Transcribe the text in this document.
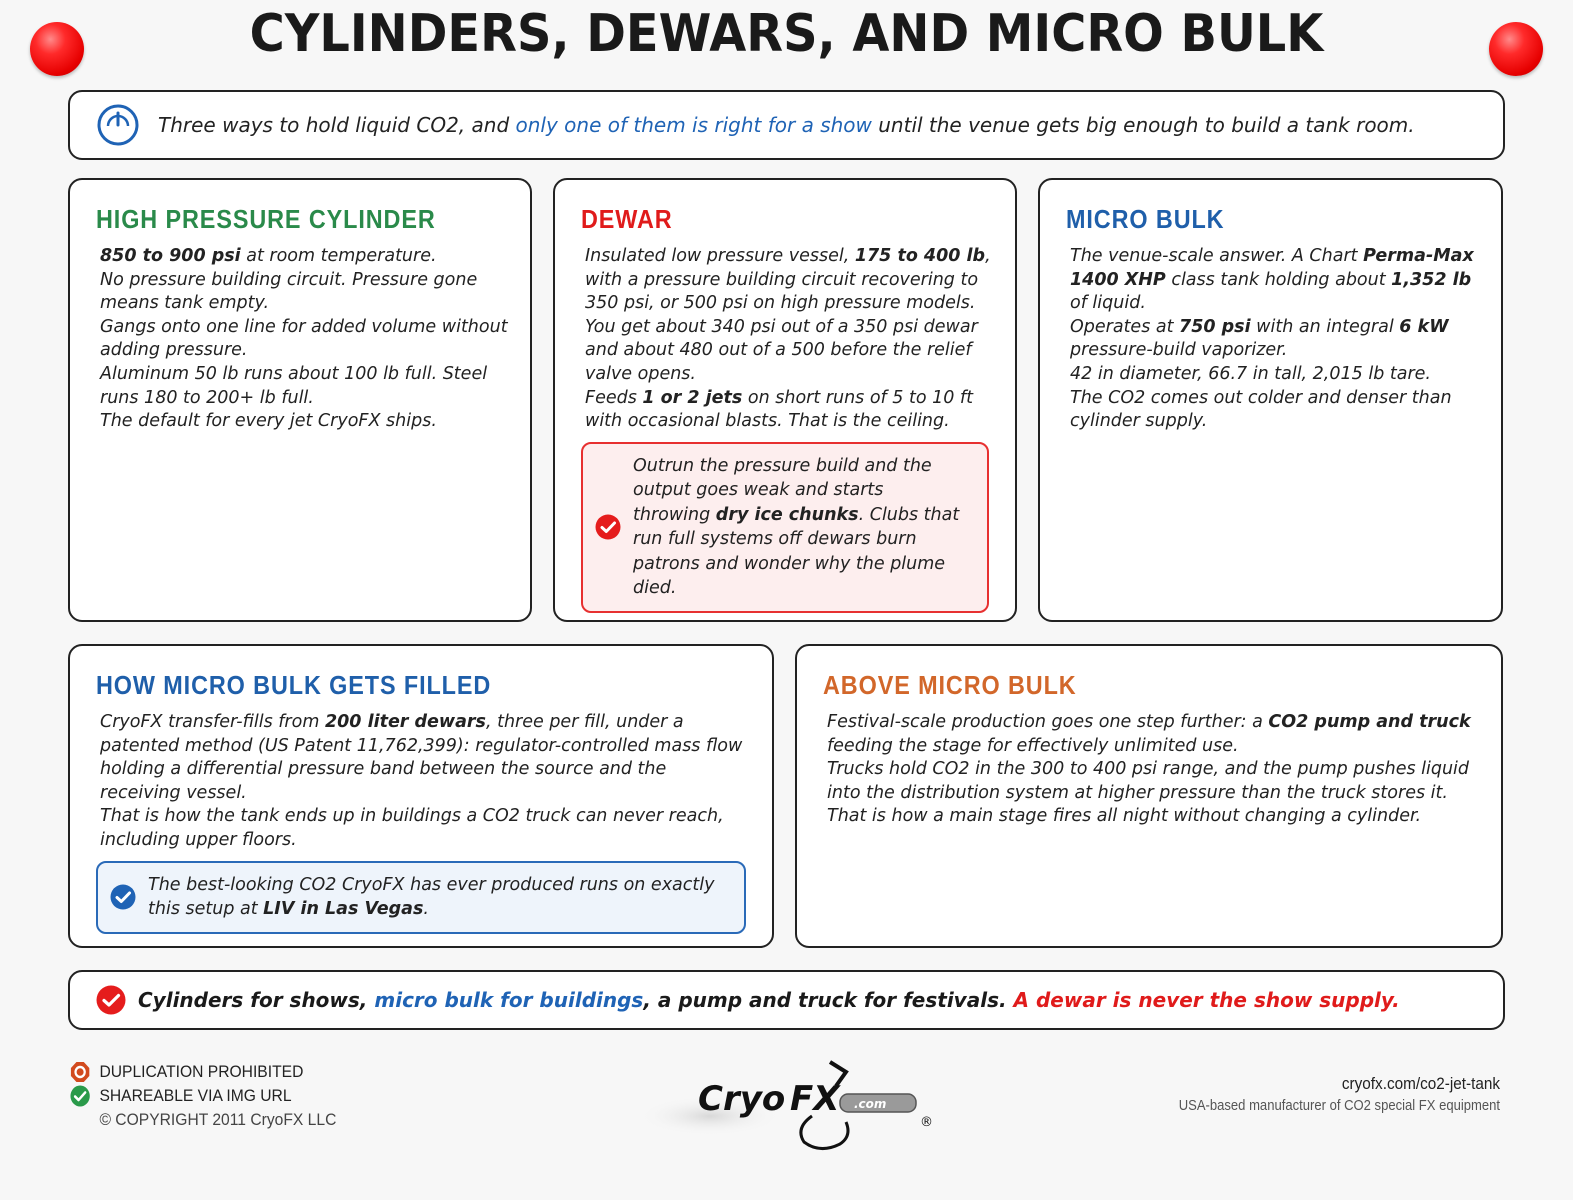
CYLINDERS, DEWARS, AND MICRO BULK

Three ways to hold liquid CO2, and only one of them is right for a show until the venue gets big enough to build a tank room.

HIGH PRESSURE CYLINDER

850 to 900 psi at room temperature.

No pressure building circuit. Pressure gone means tank empty.

Gangs onto one line for added volume without adding pressure.

Aluminum 50 lb runs about 100 lb full. Steel runs 180 to 200+ lb full.

The default for every jet CryoFX ships.

DEWAR

Insulated low pressure vessel, 175 to 400 lb, with a pressure building circuit recovering to 350 psi, or 500 psi on high pressure models.

You get about 340 psi out of a 350 psi dewar and about 480 out of a 500 before the relief valve opens.

Feeds 1 or 2 jets on short runs of 5 to 10 ft with occasional blasts. That is the ceiling.

Outrun the pressure build and the output goes weak and starts throwing dry ice chunks. Clubs that run full systems off dewars burn patrons and wonder why the plume died.
MICRO BULK

The venue-scale answer. A Chart Perma-Max 1400 XHP class tank holding about 1,352 lb of liquid.

Operates at 750 psi with an integral 6 kW pressure-build vaporizer.

42 in diameter, 66.7 in tall, 2,015 lb tare.

The CO2 comes out colder and denser than cylinder supply.

HOW MICRO BULK GETS FILLED

CryoFX transfer-fills from 200 liter dewars, three per fill, under a patented method (US Patent 11,762,399): regulator-controlled mass flow holding a differential pressure band between the source and the receiving vessel.

That is how the tank ends up in buildings a CO2 truck can never reach, including upper floors.

The best-looking CO2 CryoFX has ever produced runs on exactly this setup at LIV in Las Vegas.
ABOVE MICRO BULK

Festival-scale production goes one step further: a CO2 pump and truck feeding the stage for effectively unlimited use.

Trucks hold CO2 in the 300 to 400 psi range, and the pump pushes liquid into the distribution system at higher pressure than the truck stores it.

That is how a main stage fires all night without changing a cylinder.

Cylinders for shows, micro bulk for buildings, a pump and truck for festivals. A dewar is never the show supply.

DUPLICATION PROHIBITED
SHAREABLE VIA IMG URL
© COPYRIGHT 2011 CryoFX LLC
Cryo FX .com
®
cryofx.com/co2-jet-tank
USA-based manufacturer of CO2 special FX equipment
